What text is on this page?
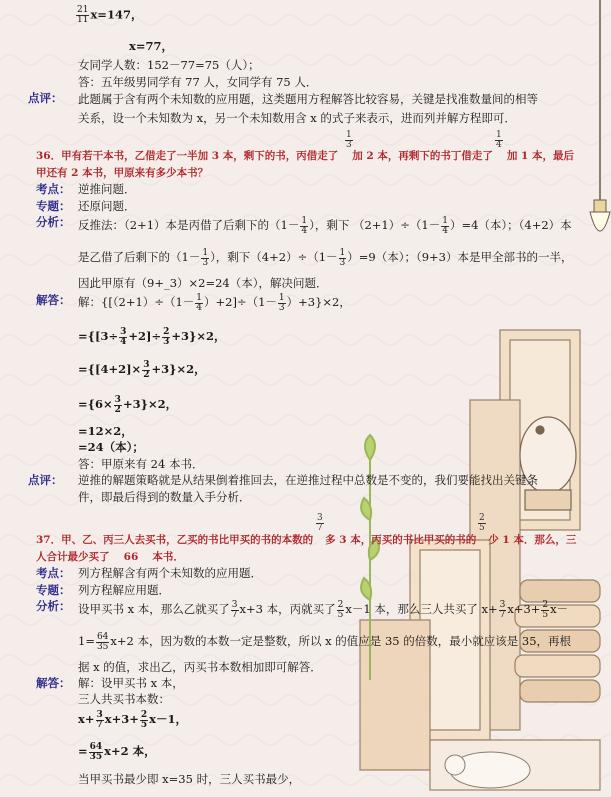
$\frac{21}{11} x=147$，
x=77，
女同学人数：152－77=75（人）；
答：五年级男同学有 77 人，女同学有 75 人．
点评： 此题属于含有两个未知数的应用题，这类题用方程解答比较容易，关键是找准数量间的相等
关系，设一个未知数为 x，另一个未知数用含 x 的式子来表示，进而列并解方程即可．
$\frac{1}{3}$	$\frac{1}{4}$
36．甲有若干本书，乙借走了一半加 3 本，剩下的书，丙借走了 加 2 本，再剩下的书丁借走了 加 1 本，最后
甲还有 2 本书，甲原来有多少本书？
考点： 逆推问题．
专题： 还原问题．
分析： 反推法：（2+1）本是丙借了后剩下的（$1- \frac{1}{4}$ ），剩下 $(2+1)\div(1- \frac{1}{4} )=4$（本）；（4+2）本
是乙借了后剩下的（$1- \frac{1}{3}$ ），剩下$(4+2)\div(1- \frac{1}{3} )=9$（本）；（9+3）本是甲全部书的一半，
因此甲原有（9+_3）×2=24（本），解决问题．
解答： 解：$\{[(2+1)\div(1- \frac{1}{4} )+2]\div(1- \frac{1}{3} )+3\}\times 2$，
$=\{[3\div \frac{3}{4} +2]\div \frac{2}{3} +3\}\times 2$，
$=\{[4+2]\times \frac{3}{2} +3\}\times 2$，
$=\{6\times \frac{3}{2} +3\}\times 2$，
=12×2，
=24（本）；
答：甲原来有 24 本书．
点评： 逆推的解题策略就是从结果倒着推回去，在逆推过程中总数是不变的，我们要能找出关键条
件，即最后得到的数量入手分析．
$\frac{3}{7}$	$\frac{2}{5}$
37．甲、乙、丙三人去买书，乙买的书比甲买的书的本数的 多 3 本，丙买的书比甲买的书的 少 1 本．那么，三
人合计最少买了　 66　 本书．
考点： 列方程解含有两个未知数的应用题．
专题： 列方程解应用题．
分析： 设甲买书 x 本，那么乙就买了 $\frac{3}{7} x+3$ 本，丙就买了 $\frac{2}{5} x-1$ 本，那么三人共买了 $x+ \frac{3}{7} x+3+ \frac{2}{5} x-$
$1= \frac{64}{35} x+2$ 本，因为数的本数一定是整数，所以 x 的值应是 35 的倍数，最小就应该是 35，再根
据 x 的值，求出乙，丙买书本数相加即可解答．
解答： 解：设甲买书 x 本，
三人共买书本数：
$x+ \frac{3}{7} x+3+ \frac{2}{5} x-1$，
= $\frac{64}{35} x+2$ 本，
当甲买书最少即 x=35 时，三人买书最少，
